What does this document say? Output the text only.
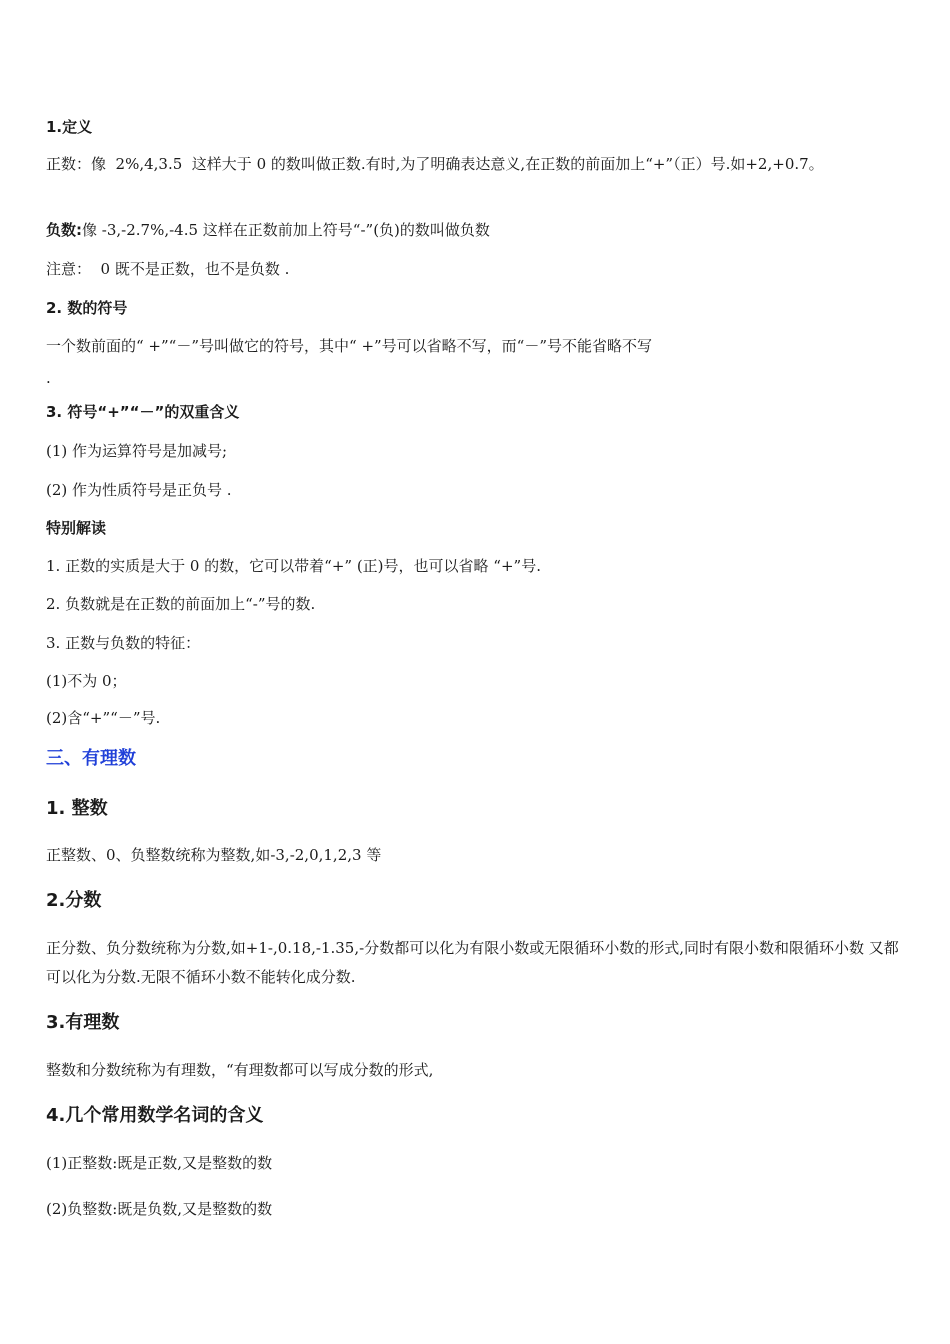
1.定义

正数：像  2%,4,3.5  这样大于 0 的数叫做正数.有时,为了明确表达意义,在正数的前面加上“+”（正）号.如+2,+0.7。

负数:像 -3,-2.7%,-4.5 这样在正数前加上符号“-”(负)的数叫做负数

注意：  0 既不是正数，也不是负数 .

2. 数的符号

一个数前面的“ +”“－”号叫做它的符号，其中“ +”号可以省略不写，而“－”号不能省略不写

.

3. 符号“+”“－”的双重含义

(1) 作为运算符号是加减号;

(2) 作为性质符号是正负号 .

特别解读

1. 正数的实质是大于 0 的数，它可以带着“+” (正)号，也可以省略 “+”号.

2. 负数就是在正数的前面加上“-”号的数.

3. 正数与负数的特征：

(1)不为 0；

(2)含“+”“－”号.

三、有理数

1. 整数

正整数、0、负整数统称为整数,如-3,-2,0,1,2,3 等

2.分数

正分数、负分数统称为分数,如+1-,0.18,-1.35,-分数都可以化为有限小数或无限循环小数的形式,同时有限小数和限循环小数 又都可以化为分数.无限不循环小数不能转化成分数.

3.有理数

整数和分数统称为有理数，“有理数都可以写成分数的形式,

4.几个常用数学名词的含义

(1)正整数:既是正数,又是整数的数

(2)负整数:既是负数,又是整数的数
